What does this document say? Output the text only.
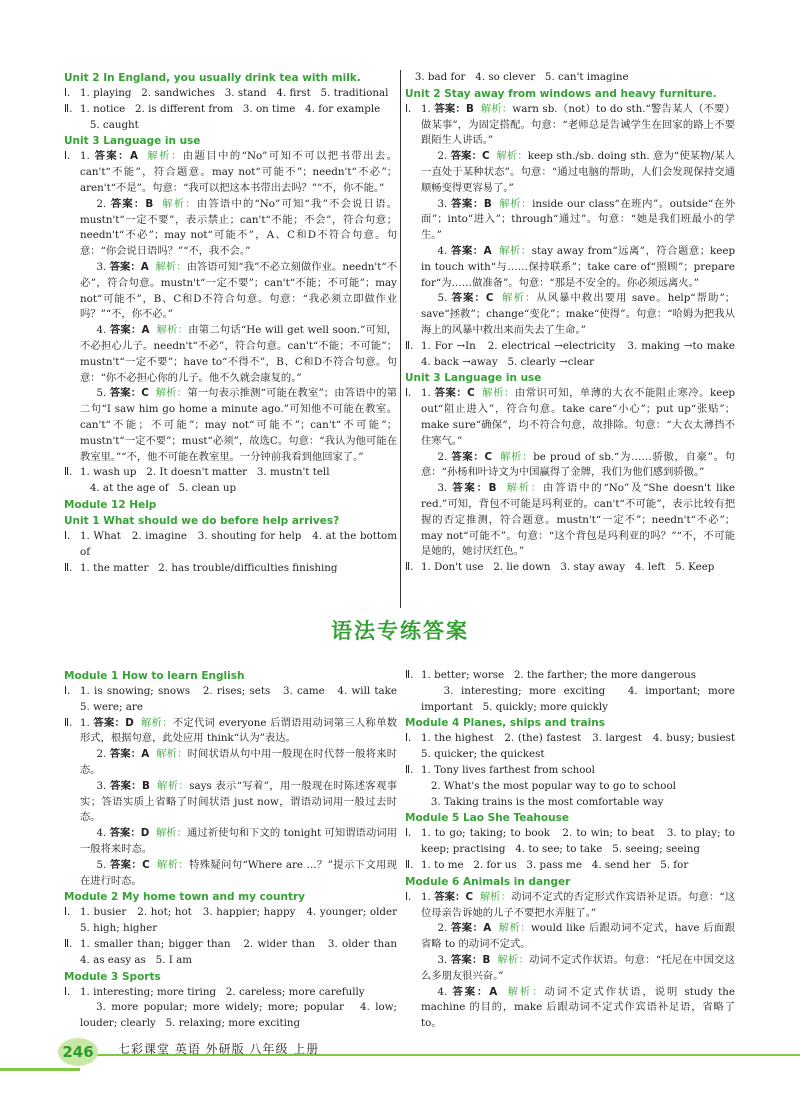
Unit 2 In England, you usually drink tea with milk.
Ⅰ. 1. playing   2. sandwiches   3. stand   4. first   5. traditional
Ⅱ. 1. notice   2. is different from   3. on time   4. for example
5. caught
Unit 3 Language in use
Ⅰ. 1. 答案：A 解析：由题目中的“No”可知不可以把书带出去。can't“不能”，符合题意。may not“可能不”；needn't“不必”；aren't“不是”。句意：“我可以把这本书带出去吗？”“不，你不能。”
2. 答案：B 解析：由答语中的“No”可知“我”不会说日语。mustn't“一定不要”，表示禁止；can't“不能；不会”，符合句意；needn't“不必”；may not“可能不”，A、C和D不符合句意。句意：“你会说日语吗？”“不，我不会。”
3. 答案：A 解析：由答语可知“我”不必立刻做作业。needn't“不必”，符合句意。mustn't“一定不要”；can't“不能；不可能”；may not“可能不”，B、C和D不符合句意。句意：“我必须立即做作业吗？”“不，你不必。”
4. 答案：A 解析：由第二句话“He will get well soon.”可知，不必担心儿子。needn't“不必”，符合句意。can't“不能；不可能”；mustn't“一定不要”；have to“不得不”，B、C和D不符合句意。句意：“你不必担心你的儿子。他不久就会康复的。”
5. 答案：C 解析：第一句表示推测“可能在教室”；由答语中的第二句“I saw him go home a minute ago.”可知他不可能在教室。can't“不能；不可能”；may not“可能不”；can't“不可能”；mustn't“一定不要”；must“必须”，故选C。句意：“我认为他可能在教室里。”“不，他不可能在教室里。一分钟前我看到他回家了。”
Ⅱ. 1. wash up   2. It doesn't matter   3. mustn't tell
4. at the age of   5. clean up
Module 12 Help
Unit 1 What should we do before help arrives?
Ⅰ. 1. What   2. imagine   3. shouting for help   4. at the bottom of
Ⅱ. 1. the matter   2. has trouble/difficulties finishing
3. bad for   4. so clever   5. can't imagine
Unit 2 Stay away from windows and heavy furniture.
Ⅰ. 1. 答案：B 解析：warn sb.（not）to do sth.“警告某人（不要）做某事”，为固定搭配。句意：“老师总是告诫学生在回家的路上不要跟陌生人讲话。”
2. 答案：C 解析：keep sth./sb. doing sth. 意为“使某物/某人一直处于某种状态”。句意：“通过电脑的帮助，人们会发现保持交通顺畅变得更容易了。”
3. 答案：B 解析：inside our class“在班内”。outside“在外面”；into“进入”；through“通过”。句意：“她是我们班最小的学生。”
4. 答案：A 解析：stay away from“远离”，符合题意；keep in touch with“与……保持联系”；take care of“照顾”；prepare for“为……做准备”。句意：“那是不安全的。你必须远离火。”
5. 答案：C 解析：从风暴中救出要用 save。help“帮助”；save“拯救”；change“变化”；make“使得”。句意：“哈姆为把我从海上的风暴中救出来而失去了生命。”
Ⅱ. 1. For →In   2. electrical →electricity   3. making →to make   4. back →away   5. clearly →clear
Unit 3 Language in use
Ⅰ. 1. 答案：C 解析：由常识可知，单薄的大衣不能阻止寒冷。keep out“阻止进入”，符合句意。take care“小心”；put up“张贴”；make sure“确保”，均不符合句意，故排除。句意：“大衣太薄挡不住寒气。”
2. 答案：C 解析：be proud of sb.“为……骄傲，自豪”。句意：“孙杨和叶诗文为中国赢得了金牌，我们为他们感到骄傲。”
3. 答案：B 解析：由答语中的“No”及“She doesn't like red.”可知，背包不可能是玛利亚的。can't“不可能”，表示比较有把握的否定推测，符合题意。mustn't“一定不”；needn't“不必”；may not“可能不”。句意：“这个背包是玛利亚的吗？”“不，不可能是她的，她讨厌红色。”
Ⅱ. 1. Don't use   2. lie down   3. stay away   4. left   5. Keep
语法专练答案
Module 1 How to learn English
Ⅰ. 1. is snowing; snows   2. rises; sets   3. came   4. will take   5. were; are
Ⅱ. 1. 答案：D 解析：不定代词 everyone 后谓语用动词第三人称单数形式，根据句意，此处应用 think“认为”表达。
2. 答案：A 解析：时间状语从句中用一般现在时代替一般将来时态。
3. 答案：B 解析：says 表示“写着”，用一般现在时陈述客观事实；答语实质上省略了时间状语 just now，谓语动词用一般过去时态。
4. 答案：D 解析：通过祈使句和下文的 tonight 可知谓语动词用一般将来时态。
5. 答案：C 解析：特殊疑问句“Where are ...？”提示下文用现在进行时态。
Module 2 My home town and my country
Ⅰ. 1. busier   2. hot; hot   3. happier; happy   4. younger; older   5. high; higher
Ⅱ. 1. smaller than; bigger than   2. wider than   3. older than   4. as easy as   5. I am
Module 3 Sports
Ⅰ. 1. interesting; more tiring   2. careless; more carefully
3. more popular; more widely; more; popular   4. low; louder; clearly   5. relaxing; more exciting
Ⅱ. 1. better; worse   2. the farther; the more dangerous
3. interesting; more exciting   4. important; more important   5. quickly; more quickly
Module 4 Planes, ships and trains
Ⅰ. 1. the highest   2. (the) fastest   3. largest   4. busy; busiest   5. quicker; the quickest
Ⅱ. 1. Tony lives farthest from school
2. What's the most popular way to go to school
3. Taking trains is the most comfortable way
Module 5 Lao She Teahouse
Ⅰ. 1. to go; taking; to book   2. to win; to beat   3. to play; to keep; practising   4. to see; to take   5. seeing; seeing
Ⅱ. 1. to me   2. for us   3. pass me   4. send her   5. for
Module 6 Animals in danger
Ⅰ. 1. 答案：C 解析：动词不定式的否定形式作宾语补足语。句意：“这位母亲告诉她的儿子不要把水弄脏了。”
2. 答案：A 解析：would like 后跟动词不定式，have 后面跟省略 to 的动词不定式。
3. 答案：B 解析：动词不定式作状语。句意：“托尼在中国交这么多朋友很兴奋。”
4. 答案：A 解析：动词不定式作状语，说明 study the machine 的目的，make 后跟动词不定式作宾语补足语，省略了 to。
246	七彩课堂 英语 外研版 八年级 上册
